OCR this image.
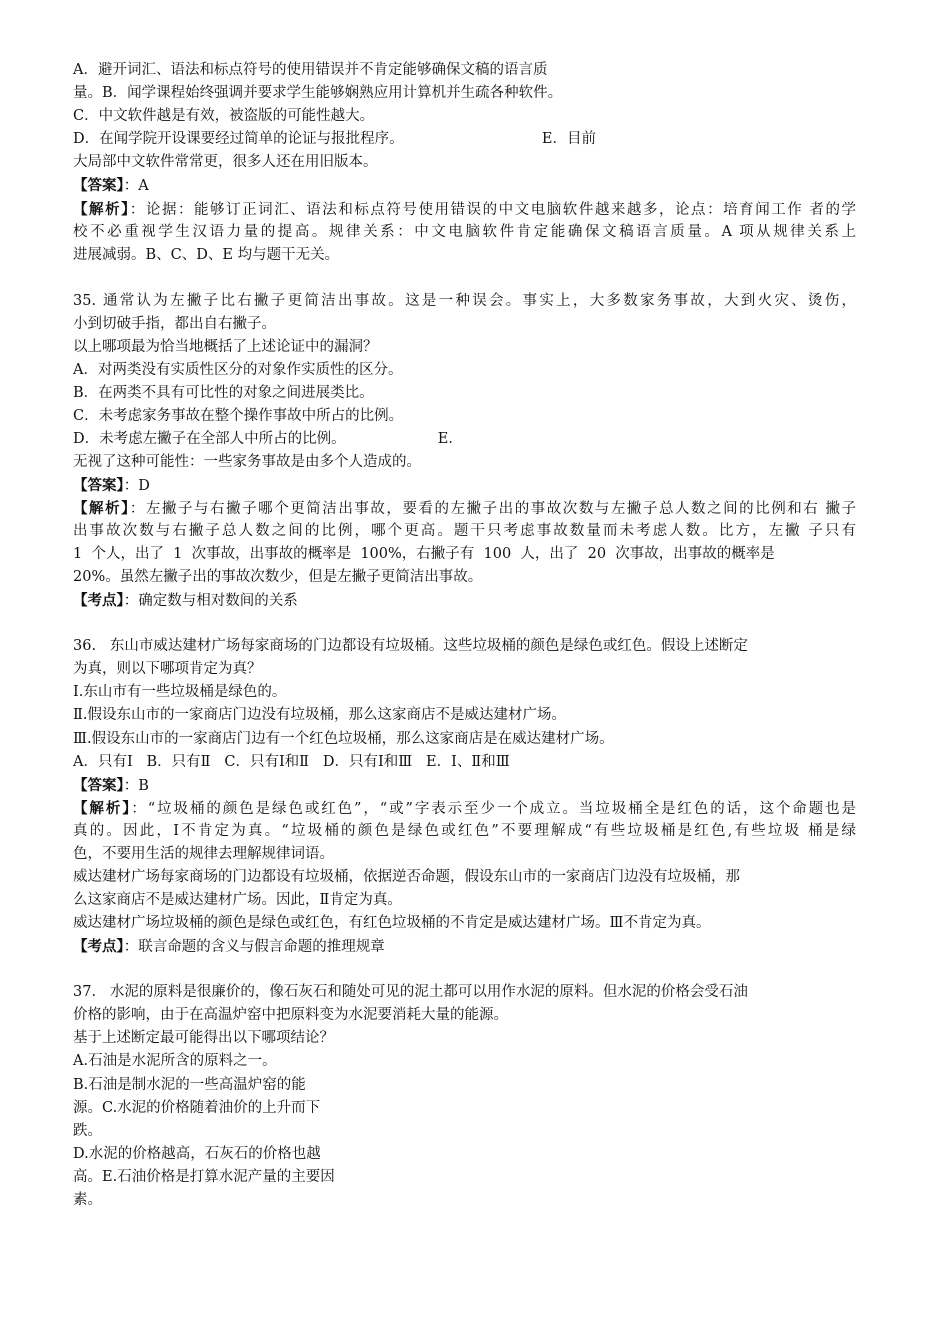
A．避开词汇、语法和标点符号的使用错误并不肯定能够确保文稿的语言质
量。B．闻学课程始终强调并要求学生能够娴熟应用计算机并生疏各种软件。
C．中文软件越是有效，被盗版的可能性越大。
D．在闻学院开设课要经过简单的论证与报批程序。                              E．目前
大局部中文软件常常更，很多人还在用旧版本。
【答案】：A
【解析】：论据：能够订正词汇、语法和标点符号使用错误的中文电脑软件越来越多，论点：培育闻工作 者的学
校不必重视学生汉语力量的提高。规律关系：中文电脑软件肯定能确保文稿语言质量。A 项从规律关系上
进展减弱。B、C、D、E 均与题干无关。
35. 通常认为左撇子比右撇子更简洁出事故。这是一种误会。事实上，大多数家务事故，大到火灾、烫伤，
小到切破手指，都出自右撇子。
以上哪项最为恰当地概括了上述论证中的漏洞？
A．对两类没有实质性区分的对象作实质性的区分。
B．在两类不具有可比性的对象之间进展类比。
C．未考虑家务事故在整个操作事故中所占的比例。
D．未考虑左撇子在全部人中所占的比例。                    E．
无视了这种可能性：一些家务事故是由多个人造成的。
【答案】：D
【解析】：左撇子与右撇子哪个更简洁出事故，要看的左撇子出的事故次数与左撇子总人数之间的比例和右 撇子
出事故次数与右撇子总人数之间的比例，哪个更高。题干只考虑事故数量而未考虑人数。比方，左撇 子只有
1  个人，出了  1  次事故，出事故的概率是  100%，右撇子有  100  人，出了  20  次事故，出事故的概率是
20%。虽然左撇子出的事故次数少，但是左撇子更简洁出事故。
【考点】：确定数与相对数间的关系
36.   东山市威达建材广场每家商场的门边都设有垃圾桶。这些垃圾桶的颜色是绿色或红色。假设上述断定
为真，则以下哪项肯定为真？
Ⅰ.东山市有一些垃圾桶是绿色的。
Ⅱ.假设东山市的一家商店门边没有垃圾桶，那么这家商店不是威达建材广场。
Ⅲ.假设东山市的一家商店门边有一个红色垃圾桶，那么这家商店是在威达建材广场。
A．只有Ⅰ   B．只有Ⅱ   C．只有Ⅰ和Ⅱ   D．只有Ⅰ和Ⅲ   E．Ⅰ、Ⅱ和Ⅲ
【答案】：B
【解析】：“垃圾桶的颜色是绿色或红色”，“或”字表示至少一个成立。当垃圾桶全是红色的话，这个命题也是
真的。因此，Ⅰ不肯定为真。“垃圾桶的颜色是绿色或红色”不要理解成“有些垃圾桶是红色,有些垃圾 桶是绿
色，不要用生活的规律去理解规律词语。
威达建材广场每家商场的门边都设有垃圾桶，依据逆否命题，假设东山市的一家商店门边没有垃圾桶，那
么这家商店不是威达建材广场。因此，Ⅱ肯定为真。
威达建材广场垃圾桶的颜色是绿色或红色，有红色垃圾桶的不肯定是威达建材广场。Ⅲ不肯定为真。
【考点】：联言命题的含义与假言命题的推理规章
37.   水泥的原料是很廉价的，像石灰石和随处可见的泥土都可以用作水泥的原料。但水泥的价格会受石油
价格的影响，由于在高温炉窑中把原料变为水泥要消耗大量的能源。
基于上述断定最可能得出以下哪项结论？
A.石油是水泥所含的原料之一。
B.石油是制水泥的一些高温炉窑的能
源。C.水泥的价格随着油价的上升而下
跌。
D.水泥的价格越高，石灰石的价格也越
高。E.石油价格是打算水泥产量的主要因
素。
